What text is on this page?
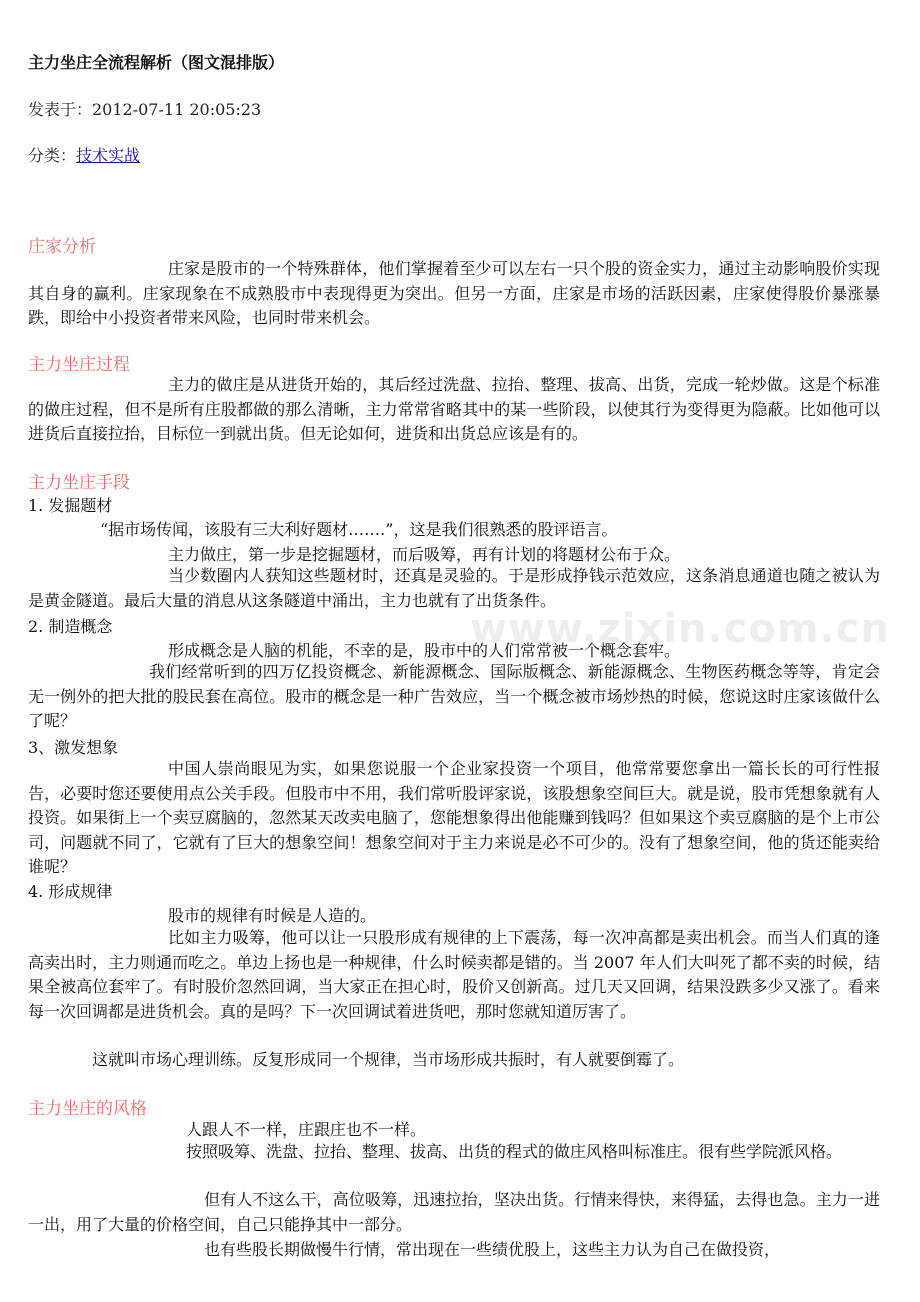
主力坐庄全流程解析（图文混排版）
发表于：2012-07-11 20:05:23
分类：技术实战
庄家分析
庄家是股市的一个特殊群体，他们掌握着至少可以左右一只个股的资金实力，通过主动影响股价实现其自身的赢利。庄家现象在不成熟股市中表现得更为突出。但另一方面，庄家是市场的活跃因素，庄家使得股价暴涨暴跌，即给中小投资者带来风险，也同时带来机会。
主力坐庄过程
主力的做庄是从进货开始的，其后经过洗盘、拉抬、整理、拔高、出货，完成一轮炒做。这是个标准的做庄过程，但不是所有庄股都做的那么清晰，主力常常省略其中的某一些阶段，以使其行为变得更为隐蔽。比如他可以进货后直接拉抬，目标位一到就出货。但无论如何，进货和出货总应该是有的。
主力坐庄手段
1. 发掘题材
“据市场传闻，该股有三大利好题材…….”，这是我们很熟悉的股评语言。
主力做庄，第一步是挖掘题材，而后吸筹，再有计划的将题材公布于众。
当少数圈内人获知这些题材时，还真是灵验的。于是形成挣钱示范效应，这条消息通道也随之被认为是黄金隧道。最后大量的消息从这条隧道中涌出，主力也就有了出货条件。
2. 制造概念
形成概念是人脑的机能，不幸的是，股市中的人们常常被一个概念套牢。
我们经常听到的四万亿投资概念、新能源概念、国际版概念、新能源概念、生物医药概念等等，肯定会无一例外的把大批的股民套在高位。股市的概念是一种广告效应，当一个概念被市场炒热的时候，您说这时庄家该做什么了呢？
3、激发想象
中国人崇尚眼见为实，如果您说服一个企业家投资一个项目，他常常要您拿出一篇长长的可行性报告，必要时您还要使用点公关手段。但股市中不用，我们常听股评家说，该股想象空间巨大。就是说，股市凭想象就有人投资。如果街上一个卖豆腐脑的，忽然某天改卖电脑了，您能想象得出他能赚到钱吗？但如果这个卖豆腐脑的是个上市公司，问题就不同了，它就有了巨大的想象空间！想象空间对于主力来说是必不可少的。没有了想象空间，他的货还能卖给谁呢？
4. 形成规律
股市的规律有时候是人造的。
比如主力吸筹，他可以让一只股形成有规律的上下震荡，每一次冲高都是卖出机会。而当人们真的逢高卖出时，主力则通而吃之。单边上扬也是一种规律，什么时候卖都是错的。当 2007 年人们大叫死了都不卖的时候，结果全被高位套牢了。有时股价忽然回调，当大家正在担心时，股价又创新高。过几天又回调，结果没跌多少又涨了。看来每一次回调都是进货机会。真的是吗？下一次回调试着进货吧，那时您就知道厉害了。
这就叫市场心理训练。反复形成同一个规律，当市场形成共振时，有人就要倒霉了。
主力坐庄的风格
人跟人不一样，庄跟庄也不一样。
按照吸筹、洗盘、拉抬、整理、拔高、出货的程式的做庄风格叫标准庄。很有些学院派风格。
但有人不这么干，高位吸筹，迅速拉抬，坚决出货。行情来得快，来得猛，去得也急。主力一进一出，用了大量的价格空间，自己只能挣其中一部分。
也有些股长期做慢牛行情，常出现在一些绩优股上，这些主力认为自己在做投资，
www.zixin.com.cn
